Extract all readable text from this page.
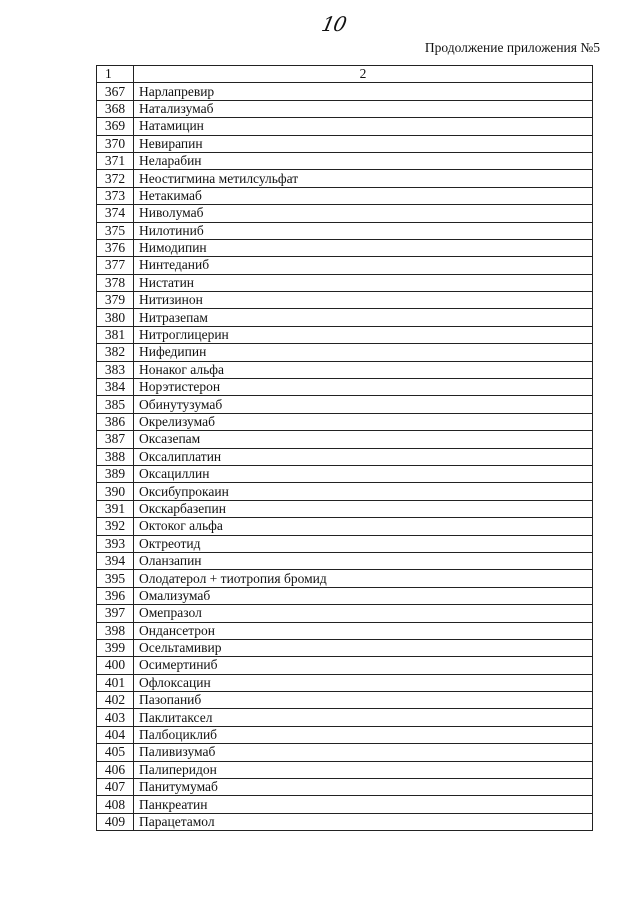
10
Продолжение приложения №5
1	2
367	Нарлапревир
368	Натализумаб
369	Натамицин
370	Невирапин
371	Неларабин
372	Неостигмина метилсульфат
373	Нетакимаб
374	Ниволумаб
375	Нилотиниб
376	Нимодипин
377	Нинтеданиб
378	Нистатин
379	Нитизинон
380	Нитразепам
381	Нитроглицерин
382	Нифедипин
383	Нонаког альфа
384	Норэтистерон
385	Обинутузумаб
386	Окрелизумаб
387	Оксазепам
388	Оксалиплатин
389	Оксациллин
390	Оксибупрокаин
391	Окскарбазепин
392	Октоког альфа
393	Октреотид
394	Оланзапин
395	Олодатерол + тиотропия бромид
396	Омализумаб
397	Омепразол
398	Ондансетрон
399	Осельтамивир
400	Осимертиниб
401	Офлоксацин
402	Пазопаниб
403	Паклитаксел
404	Палбоциклиб
405	Паливизумаб
406	Палиперидон
407	Панитумумаб
408	Панкреатин
409	Парацетамол
